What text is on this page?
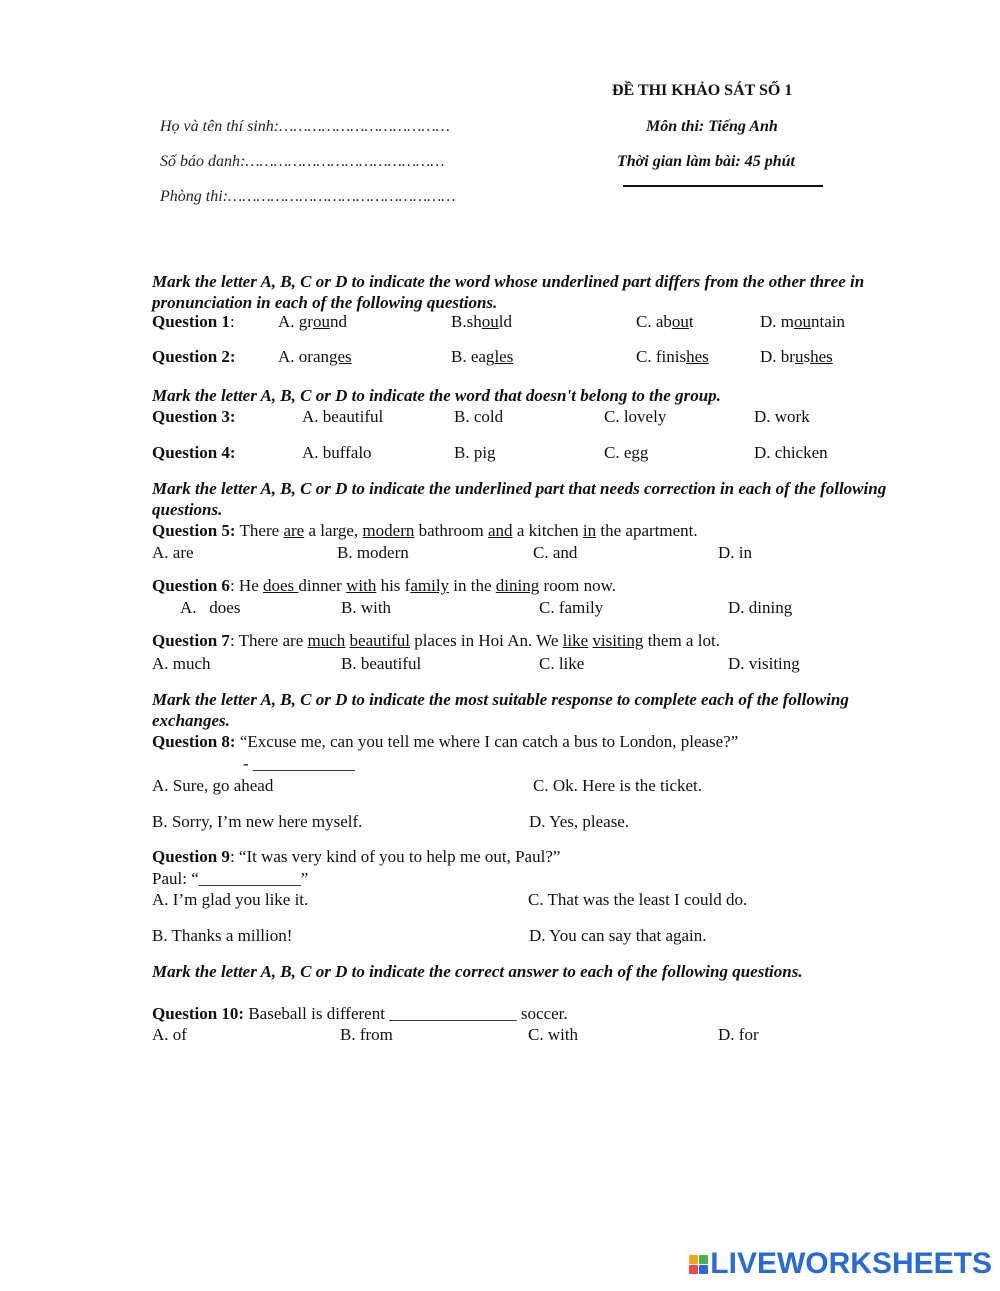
ĐỀ THI KHẢO SÁT SỐ 1
Họ và tên thí sinh:………………………………	Môn thi: Tiếng Anh
Số báo danh:……………………………………	Thời gian làm bài: 45 phút
Phòng thi:…………………………………………
Mark the letter A, B, C or D to indicate the word whose underlined part differs from the other three in pronunciation in each of the following questions.
Question 1:	A. ground	B.should	C. about	D. mountain
Question 2: A. oranges	B. eagles	C. finishes	D. brushes
Mark the letter A, B, C or D to indicate the word that doesn't belong to the group.
Question 3:	A. beautiful	B. cold	C. lovely	D. work
Question 4:	A. buffalo	B. pig	C. egg	D. chicken
Mark the letter A, B, C or D to indicate the underlined part that needs correction in each of the following questions.
Question 5: There are a large, modern bathroom and a kitchen in the apartment.
A. are	B. modern	C. and	D. in
Question 6: He does dinner with his family in the dining room now.
A.   does	B. with	C. family	D. dining
Question 7: There are much beautiful places in Hoi An. We like visiting them a lot.
A. much	B. beautiful	C. like	D. visiting
Mark the letter A, B, C or D to indicate the most suitable response to complete each of the following exchanges.
Question 8: “Excuse me, can you tell me where I can catch a bus to London, please?”
- ____________
A. Sure, go ahead	C. Ok. Here is the ticket.
B. Sorry, I’m new here myself.	D. Yes, please.
Question 9: “It was very kind of you to help me out, Paul?”
Paul: “____________”
A. I’m glad you like it.	C. That was the least I could do.
B. Thanks a million!	D. You can say that again.
Mark the letter A, B, C or D to indicate the correct answer to each of the following questions.
Question 10: Baseball is different _______________ soccer.
A. of	B. from	C. with	D. for
LIVEWORKSHEETS
